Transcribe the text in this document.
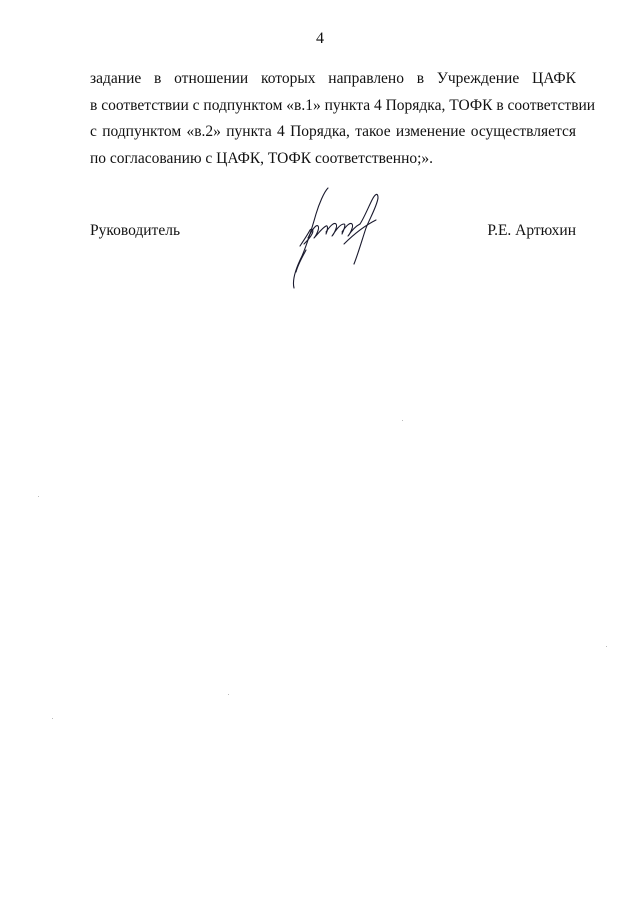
4
задание в отношении которых направлено в Учреждение ЦАФК
в соответствии с подпунктом «в.1» пункта 4 Порядка, ТОФК в соответствии
с подпунктом «в.2» пункта 4 Порядка, такое изменение осуществляется
по согласованию с ЦАФК, ТОФК соответственно;».
Руководитель	Р.Е. Артюхин
